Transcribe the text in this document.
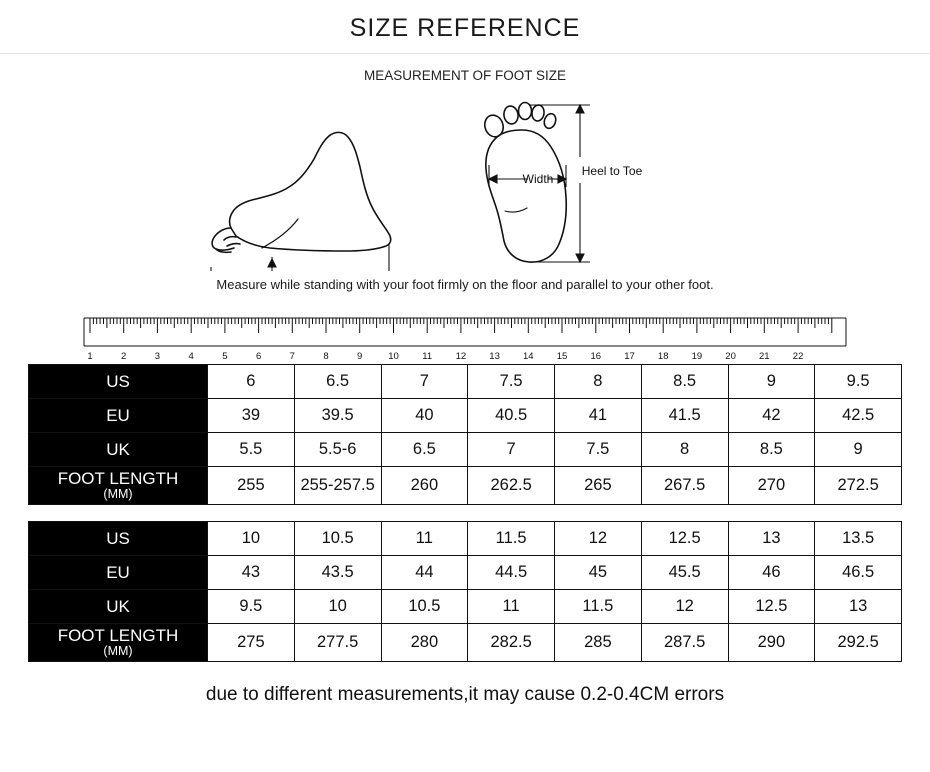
SIZE REFERENCE
MEASUREMENT OF FOOT SIZE
Width
Heel to Toe
Measure while standing with your foot firmly on the floor and parallel to your other foot.
1	2	3	4	5	6	7	8	9	10 11 12 13 14 15 16 17 18 19 20 21 22
US	6	6.5	7	7.5	8	8.5	9	9.5
EU	39	39.5	40	40.5	41	41.5	42	42.5
UK	5.5	5.5-6	6.5	7	7.5	8	8.5	9
FOOT LENGTH
(MM)	255	255-257.5	260	262.5	265	267.5	270	272.5
US	10	10.5	11	11.5	12	12.5	13	13.5
EU	43	43.5	44	44.5	45	45.5	46	46.5
UK	9.5	10	10.5	11	11.5	12	12.5	13
FOOT LENGTH
(MM)	275	277.5	280	282.5	285	287.5	290	292.5
due to different measurements,it may cause 0.2-0.4CM errors
